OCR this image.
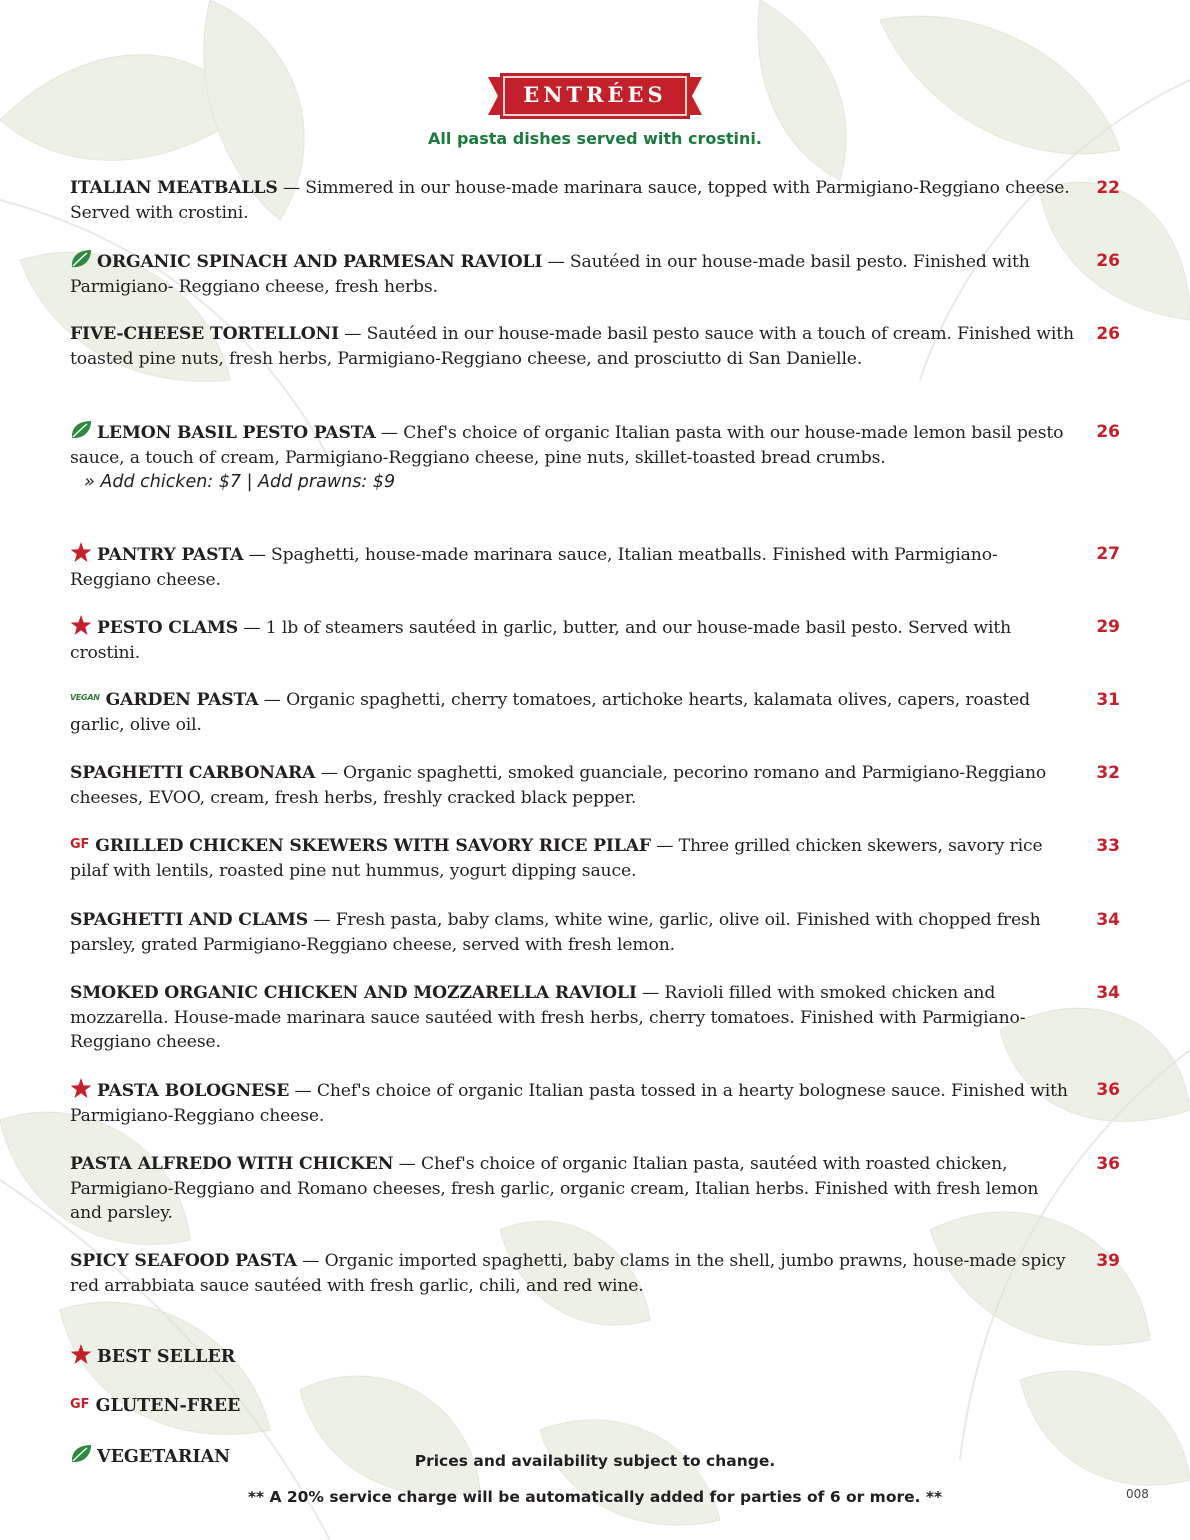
ENTRÉES
All pasta dishes served with crostini.
ITALIAN MEATBALLS — Simmered in our house-made marinara sauce, topped with Parmigiano-Reggiano cheese. Served with crostini.
22
ORGANIC SPINACH AND PARMESAN RAVIOLI — Sautéed in our house-made basil pesto. Finished with Parmigiano- Reggiano cheese, fresh herbs.
26
FIVE-CHEESE TORTELLONI — Sautéed in our house-made basil pesto sauce with a touch of cream. Finished with toasted pine nuts, fresh herbs, Parmigiano-Reggiano cheese, and prosciutto di San Danielle.
26
LEMON BASIL PESTO PASTA — Chef's choice of organic Italian pasta with our house-made lemon basil pesto sauce, a touch of cream, Parmigiano-Reggiano cheese, pine nuts, skillet-toasted bread crumbs.
» Add chicken: $7 | Add prawns: $9
26
PANTRY PASTA — Spaghetti, house-made marinara sauce, Italian meatballs. Finished with Parmigiano-Reggiano cheese.
27
PESTO CLAMS — 1 lb of steamers sautéed in garlic, butter, and our house-made basil pesto. Served with crostini.
29
VEGAN GARDEN PASTA — Organic spaghetti, cherry tomatoes, artichoke hearts, kalamata olives, capers, roasted garlic, olive oil.
31
SPAGHETTI CARBONARA — Organic spaghetti, smoked guanciale, pecorino romano and Parmigiano-Reggiano cheeses, EVOO, cream, fresh herbs, freshly cracked black pepper.
32
GF GRILLED CHICKEN SKEWERS WITH SAVORY RICE PILAF — Three grilled chicken skewers, savory rice pilaf with lentils, roasted pine nut hummus, yogurt dipping sauce.
33
SPAGHETTI AND CLAMS — Fresh pasta, baby clams, white wine, garlic, olive oil. Finished with chopped fresh parsley, grated Parmigiano-Reggiano cheese, served with fresh lemon.
34
SMOKED ORGANIC CHICKEN AND MOZZARELLA RAVIOLI — Ravioli filled with smoked chicken and mozzarella. House-made marinara sauce sautéed with fresh herbs, cherry tomatoes. Finished with Parmigiano-Reggiano cheese.
34
PASTA BOLOGNESE — Chef's choice of organic Italian pasta tossed in a hearty bolognese sauce. Finished with Parmigiano-Reggiano cheese.
36
PASTA ALFREDO WITH CHICKEN — Chef's choice of organic Italian pasta, sautéed with roasted chicken, Parmigiano-Reggiano and Romano cheeses, fresh garlic, organic cream, Italian herbs. Finished with fresh lemon and parsley.
36
SPICY SEAFOOD PASTA — Organic imported spaghetti, baby clams in the shell, jumbo prawns, house-made spicy red arrabbiata sauce sautéed with fresh garlic, chili, and red wine.
39
BEST SELLER
GF GLUTEN-FREE
VEGETARIAN	Prices and availability subject to change.
** A 20% service charge will be automatically added for parties of 6 or more. **	008
